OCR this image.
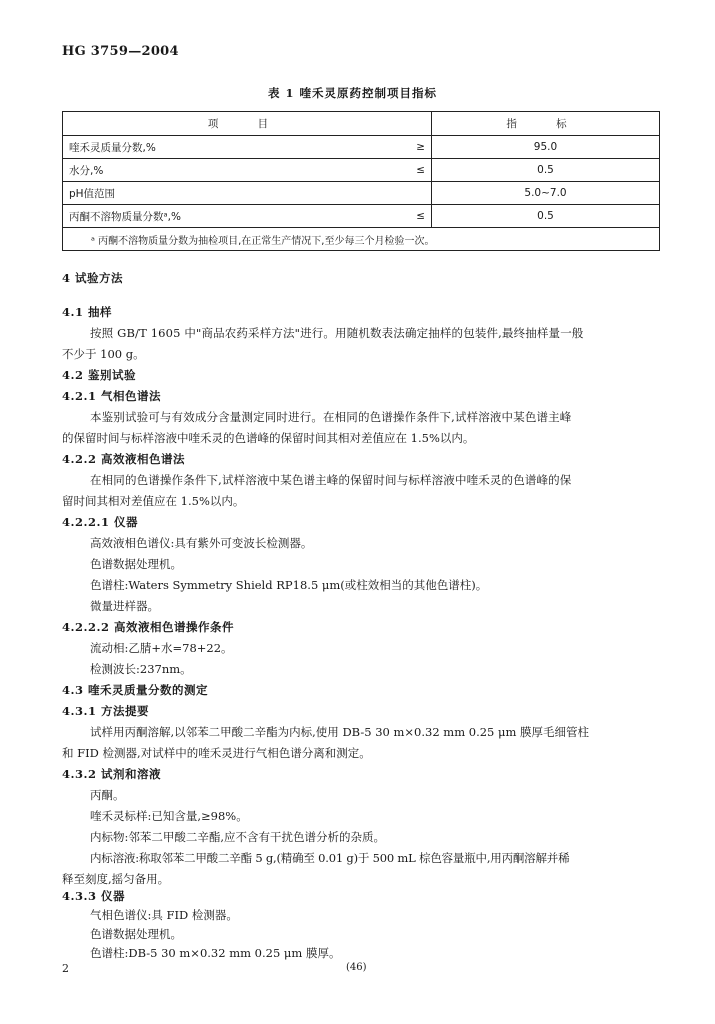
HG 3759—2004
表 1 喹禾灵原药控制项目指标
项 目		指 标
喹禾灵质量分数,%	≥	95.0
水分,%	≤	0.5
pH值范围		5.0~7.0
丙酮不溶物质量分数ᵃ,%	≤	0.5
ᵃ 丙酮不溶物质量分数为抽检项目,在正常生产情况下,至少每三个月检验一次。		
4 试验方法
4.1 抽样
按照 GB/T 1605 中"商品农药采样方法"进行。用随机数表法确定抽样的包装件,最终抽样量一般
不少于 100 g。
4.2 鉴别试验
4.2.1 气相色谱法
本鉴别试验可与有效成分含量测定同时进行。在相同的色谱操作条件下,试样溶液中某色谱主峰
的保留时间与标样溶液中喹禾灵的色谱峰的保留时间其相对差值应在 1.5%以内。
4.2.2 高效液相色谱法
在相同的色谱操作条件下,试样溶液中某色谱主峰的保留时间与标样溶液中喹禾灵的色谱峰的保
留时间其相对差值应在 1.5%以内。
4.2.2.1 仪器
高效液相色谱仪:具有紫外可变波长检测器。
色谱数据处理机。
色谱柱:Waters Symmetry Shield RP18.5 μm(或柱效相当的其他色谱柱)。
微量进样器。
4.2.2.2 高效液相色谱操作条件
流动相:乙腈+水=78+22。
检测波长:237nm。
4.3 喹禾灵质量分数的测定
4.3.1 方法提要
试样用丙酮溶解,以邻苯二甲酸二辛酯为内标,使用 DB-5 30 m×0.32 mm 0.25 μm 膜厚毛细管柱
和 FID 检测器,对试样中的喹禾灵进行气相色谱分离和测定。
4.3.2 试剂和溶液
丙酮。
喹禾灵标样:已知含量,≥98%。
内标物:邻苯二甲酸二辛酯,应不含有干扰色谱分析的杂质。
内标溶液:称取邻苯二甲酸二辛酯 5 g,(精确至 0.01 g)于 500 mL 棕色容量瓶中,用丙酮溶解并稀
释至刻度,摇匀备用。
4.3.3 仪器
气相色谱仪:具 FID 检测器。
色谱数据处理机。
色谱柱:DB-5 30 m×0.32 mm 0.25 μm 膜厚。
2	(46)
